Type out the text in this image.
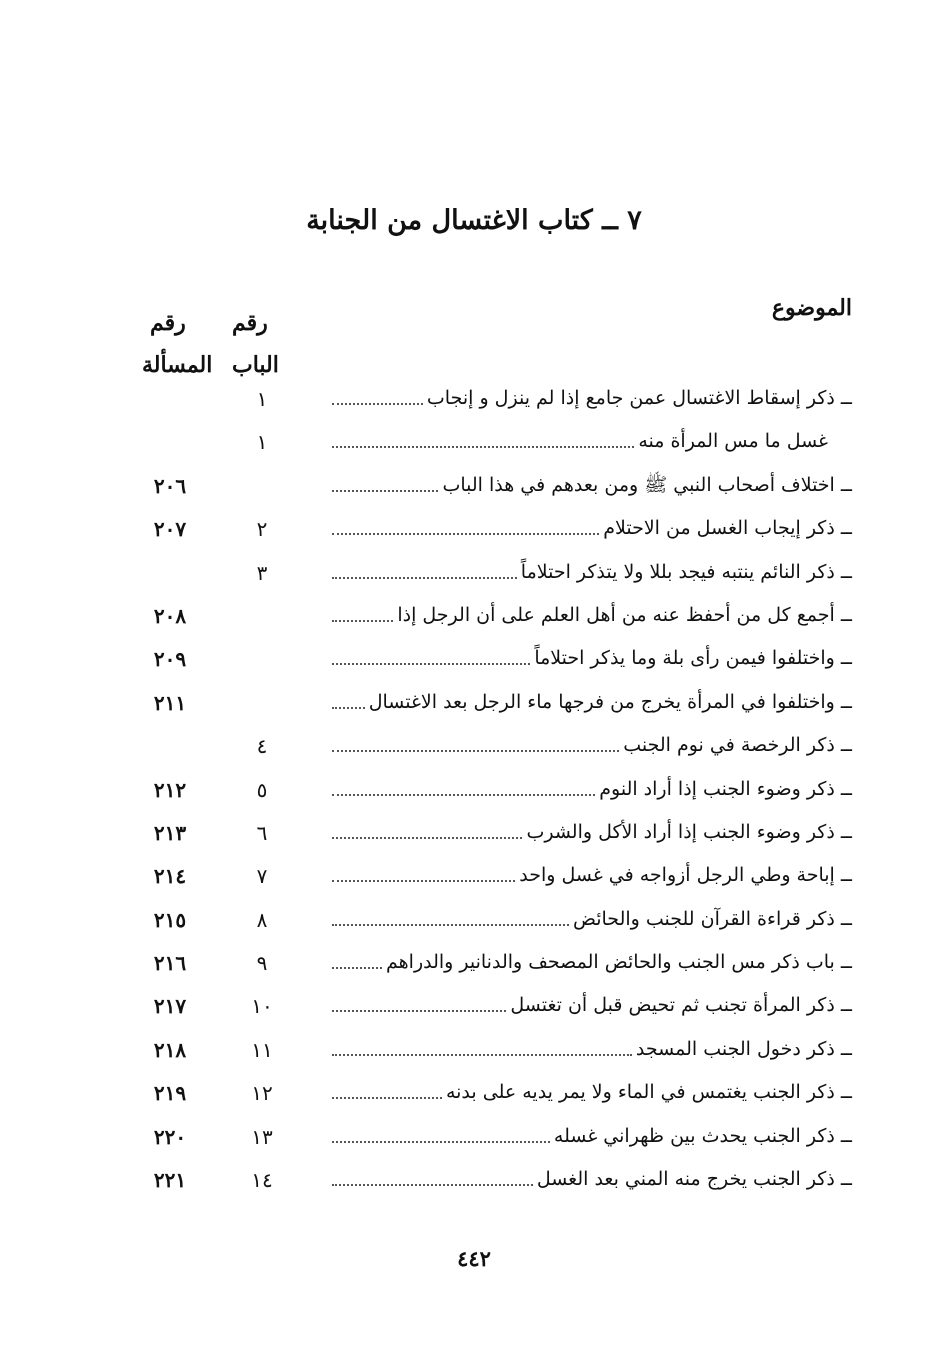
٧ ــ كتاب الاغتسال من الجنابة
الموضوع
رقم
الباب
رقم
المسألة
ــ ذكر إسقاط الاغتسال عمن جامع إذا لم ينزل و إنجاب
١
غسل ما مس المرأة منه
١
ــ اختلاف أصحاب النبي ﷺ ومن بعدهم في هذا الباب
٢٠٦
ــ ذكر إيجاب الغسل من الاحتلام
٢
٢٠٧
ــ ذكر النائم ينتبه فيجد بللا ولا يتذكر احتلاماً
٣
ــ أجمع كل من أحفظ عنه من أهل العلم على أن الرجل إذا
٢٠٨
ــ واختلفوا فيمن رأى بلة وما يذكر احتلاماً
٢٠٩
ــ واختلفوا في المرأة يخرج من فرجها ماء الرجل بعد الاغتسال
٢١١
ــ ذكر الرخصة في نوم الجنب
٤
ــ ذكر وضوء الجنب إذا أراد النوم
٥
٢١٢
ــ ذكر وضوء الجنب إذا أراد الأكل والشرب
٦
٢١٣
ــ إباحة وطي الرجل أزواجه في غسل واحد
٧
٢١٤
ــ ذكر قراءة القرآن للجنب والحائض
٨
٢١٥
ــ باب ذكر مس الجنب والحائض المصحف والدنانير والدراهم
٩
٢١٦
ــ ذكر المرأة تجنب ثم تحيض قبل أن تغتسل
١٠
٢١٧
ــ ذكر دخول الجنب المسجد
١١
٢١٨
ــ ذكر الجنب يغتمس في الماء ولا يمر يديه على بدنه
١٢
٢١٩
ــ ذكر الجنب يحدث بين ظهراني غسله
١٣
٢٢٠
ــ ذكر الجنب يخرج منه المني بعد الغسل
١٤
٢٢١
٤٤٢
